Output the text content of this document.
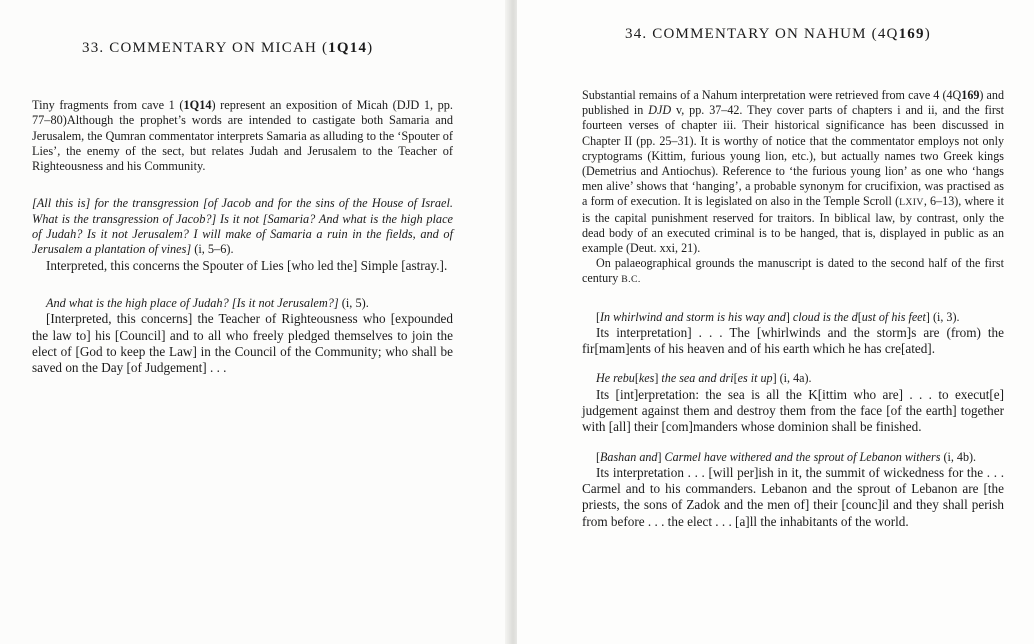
33. COMMENTARY ON MICAH (1Q14)

Tiny fragments from cave 1 (1Q14) represent an exposition of Micah (DJD 1, pp. 77–80)Although the prophet’s words are intended to castigate both Samaria and Jerusalem, the Qumran commentator interprets Samaria as alluding to the ‘Spouter of Lies’, the enemy of the sect, but relates Judah and Jerusalem to the Teacher of Righteousness and his Community.

[All this is] for the transgression [of Jacob and for the sins of the House of Israel. What is the transgression of Jacob?] Is it not [Samaria? And what is the high place of Judah? Is it not Jerusalem? I will make of Samaria a ruin in the fields, and of Jerusalem a plantation of vines] (i, 5–6).

Interpreted, this concerns the Spouter of Lies [who led the] Simple [astray.].

And what is the high place of Judah? [Is it not Jerusalem?] (i, 5).

[Interpreted, this concerns] the Teacher of Righteousness who [expounded the law to] his [Council] and to all who freely pledged themselves to join the elect of [God to keep the Law] in the Council of the Community; who shall be saved on the Day [of Judgement] . . .

34. COMMENTARY ON NAHUM (4Q169)

Substantial remains of a Nahum interpretation were retrieved from cave 4 (4Q169) and published in DJD v, pp. 37–42. They cover parts of chapters i and ii, and the first fourteen verses of chapter iii. Their historical significance has been discussed in Chapter II (pp. 25–31). It is worthy of notice that the commentator employs not only cryptograms (Kittim, furious young lion, etc.), but actually names two Greek kings (Demetrius and Antiochus). Reference to ‘the furious young lion’ as one who ‘hangs men alive’ shows that ‘hanging’, a probable synonym for crucifixion, was practised as a form of execution. It is legislated on also in the Temple Scroll (LXIV, 6–13), where it is the capital punishment reserved for traitors. In biblical law, by contrast, only the dead body of an executed criminal is to be hanged, that is, displayed in public as an example (Deut. xxi, 21).

On palaeographical grounds the manuscript is dated to the second half of the first century B.C.

[In whirlwind and storm is his way and] cloud is the d[ust of his feet] (i, 3).

Its interpretation] . . . The [whirlwinds and the storm]s are (from) the fir[mam]ents of his heaven and of his earth which he has cre[ated].

He rebu[kes] the sea and dri[es it up] (i, 4a).

Its [int]erpretation: the sea is all the K[ittim who are] . . . to execut[e] judgement against them and destroy them from the face [of the earth] together with [all] their [com]manders whose dominion shall be finished.

[Bashan and] Carmel have withered and the sprout of Lebanon withers (i, 4b).

Its interpretation . . . [will per]ish in it, the summit of wickedness for the . . . Carmel and to his commanders. Lebanon and the sprout of Lebanon are [the priests, the sons of Zadok and the men of] their [counc]il and they shall perish from before . . . the elect . . . [a]ll the inhabitants of the world.
